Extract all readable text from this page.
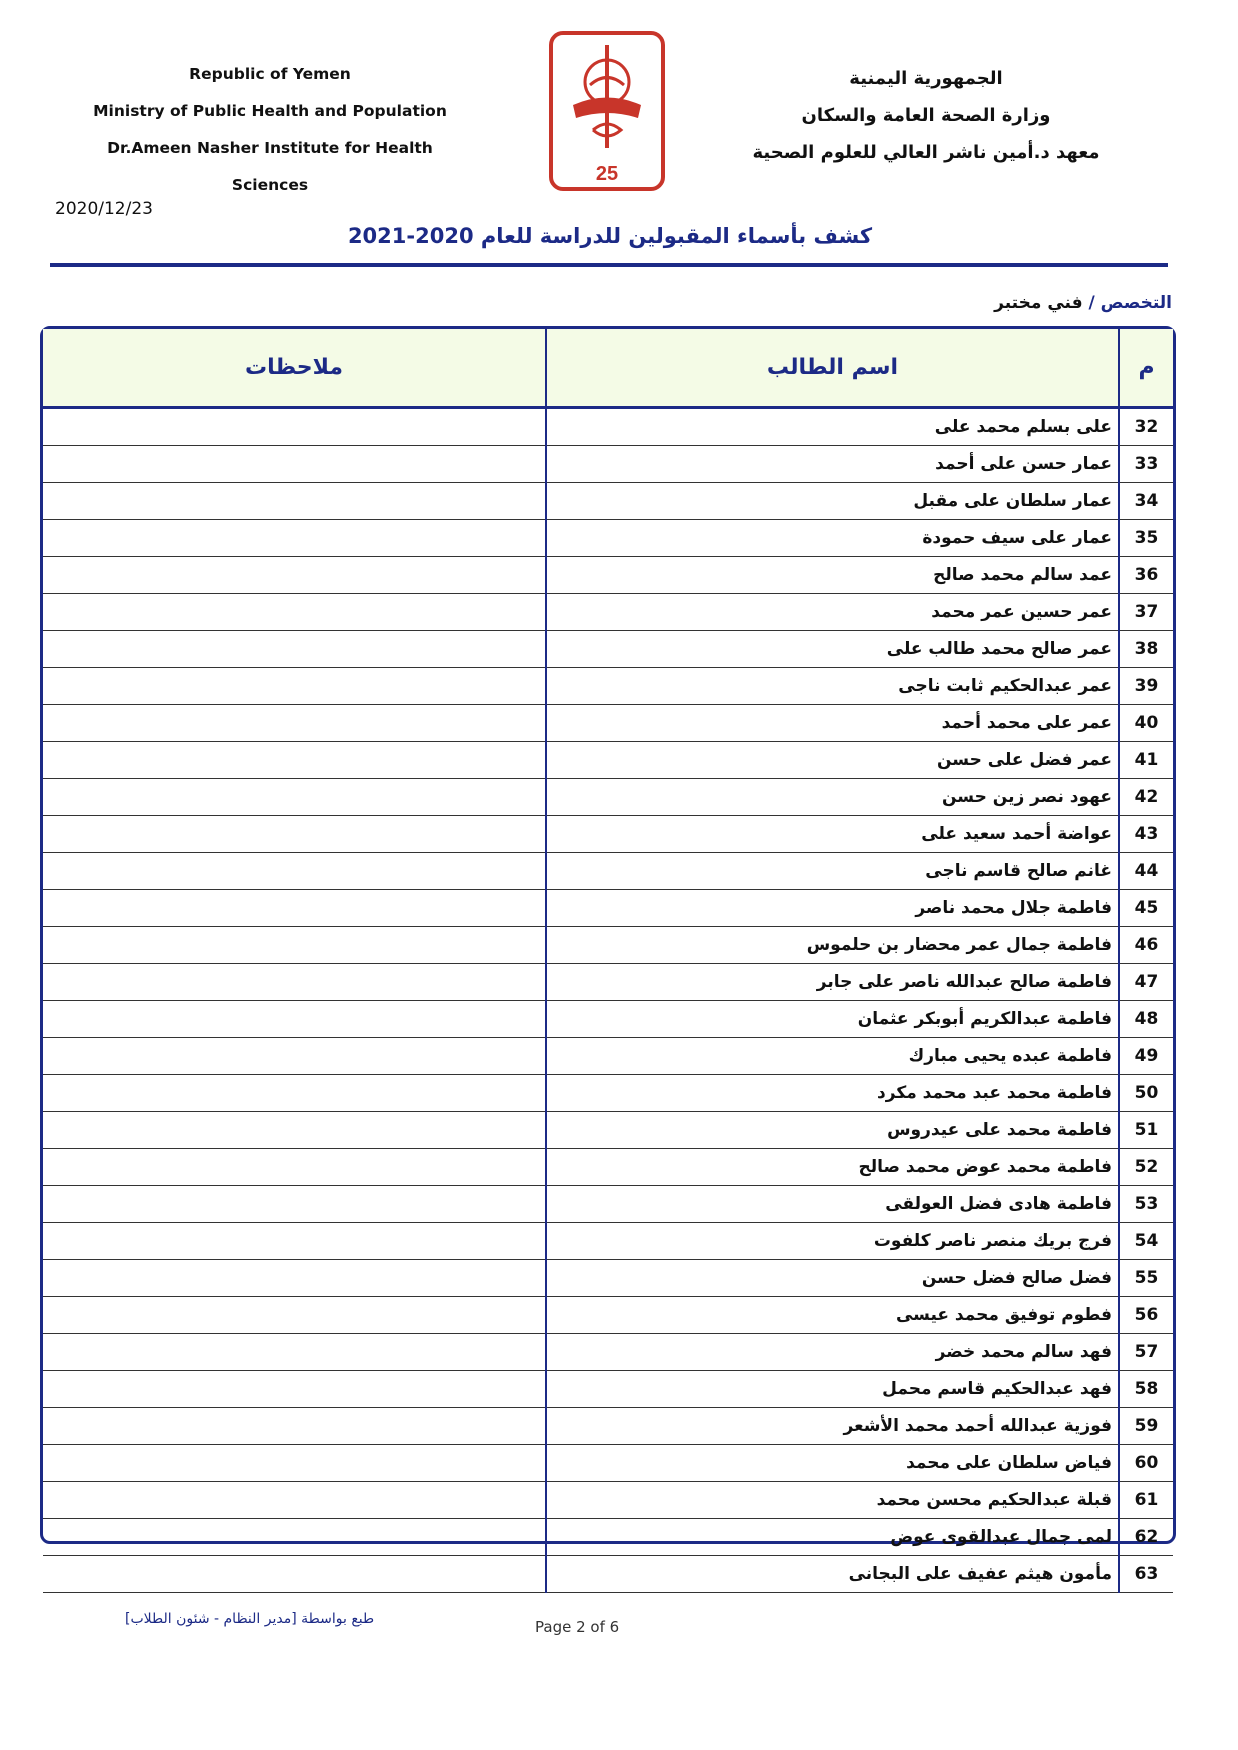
Republic of Yemen
Ministry of Public Health and Population
Dr.Ameen Nasher Institute for Health Sciences	25
الجمهورية اليمنية
وزارة الصحة العامة والسكان
معهد د.أمين ناشر العالي للعلوم الصحية
2020/12/23
كشف بأسماء المقبولين للدراسة للعام 2020-2021
التخصص / فني مختبر
م	اسم الطالب	ملاحظات
32	على بسلم محمد على	
33	عمار حسن على أحمد	
34	عمار سلطان على مقبل	
35	عمار على سيف حمودة	
36	عمد سالم محمد صالح	
37	عمر حسين عمر محمد	
38	عمر صالح محمد طالب على	
39	عمر عبدالحكيم ثابت ناجى	
40	عمر على محمد أحمد	
41	عمر فضل على حسن	
42	عهود نصر زين حسن	
43	عواضة أحمد سعيد على	
44	غانم صالح قاسم ناجى	
45	فاطمة جلال محمد ناصر	
46	فاطمة جمال عمر محضار بن حلموس	
47	فاطمة صالح عبدالله ناصر على جابر	
48	فاطمة عبدالكريم أبوبكر عثمان	
49	فاطمة عبده يحيى مبارك	
50	فاطمة محمد عبد محمد مكرد	
51	فاطمة محمد على عيدروس	
52	فاطمة محمد عوض محمد صالح	
53	فاطمة هادى فضل العولقى	
54	فرج بريك منصر ناصر كلفوت	
55	فضل صالح فضل حسن	
56	فطوم توفيق محمد عيسى	
57	فهد سالم محمد خضر	
58	فهد عبدالحكيم قاسم محمل	
59	فوزية عبدالله أحمد محمد الأشعر	
60	فياض سلطان على محمد	
61	قبلة عبدالحكيم محسن محمد	
62	لمى جمال عبدالقوى عوض	
63	مأمون هيثم عفيف على البجانى	
طبع بواسطة [مدير النظام - شئون الطلاب]	Page 2 of 6
